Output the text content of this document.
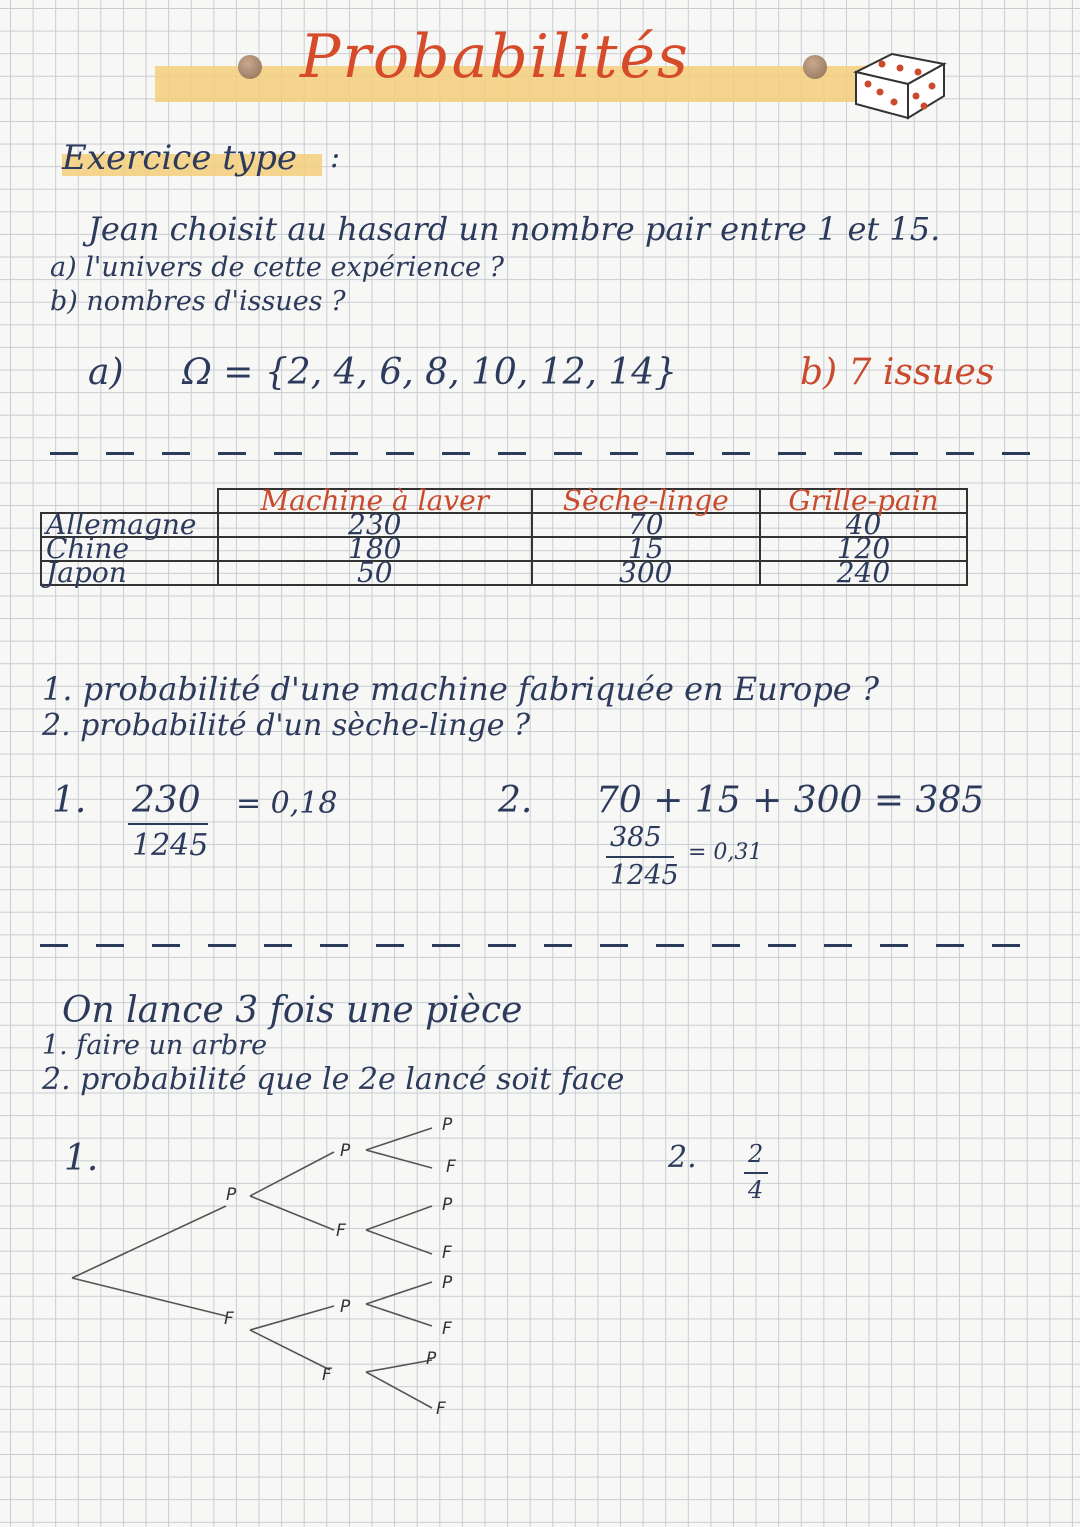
Probabilités
Exercice type :
Jean choisit au hasard un nombre pair entre 1 et 15.
a) l'univers de cette expérience ?
b) nombres d'issues ?
a) Ω = {2, 4, 6, 8, 10, 12, 14}	b) 7 issues
	Machine à laver	Sèche-linge	Grille-pain
Allemagne	230	70	40
Chine	180	15	120
Japon	50	300	240
1. probabilité d'une machine fabriquée en Europe ?
2. probabilité d'un sèche-linge ?
1. 230
1245
= 0,18	2. 70 + 15 + 300 = 385
385
1245
= 0,31
On lance 3 fois une pièce
1. faire un arbre
2. probabilité que le 2e lancé soit face
1.	2. 2
4
P
F
P
F
P
F
P
F
P
F
P
F
P
F
